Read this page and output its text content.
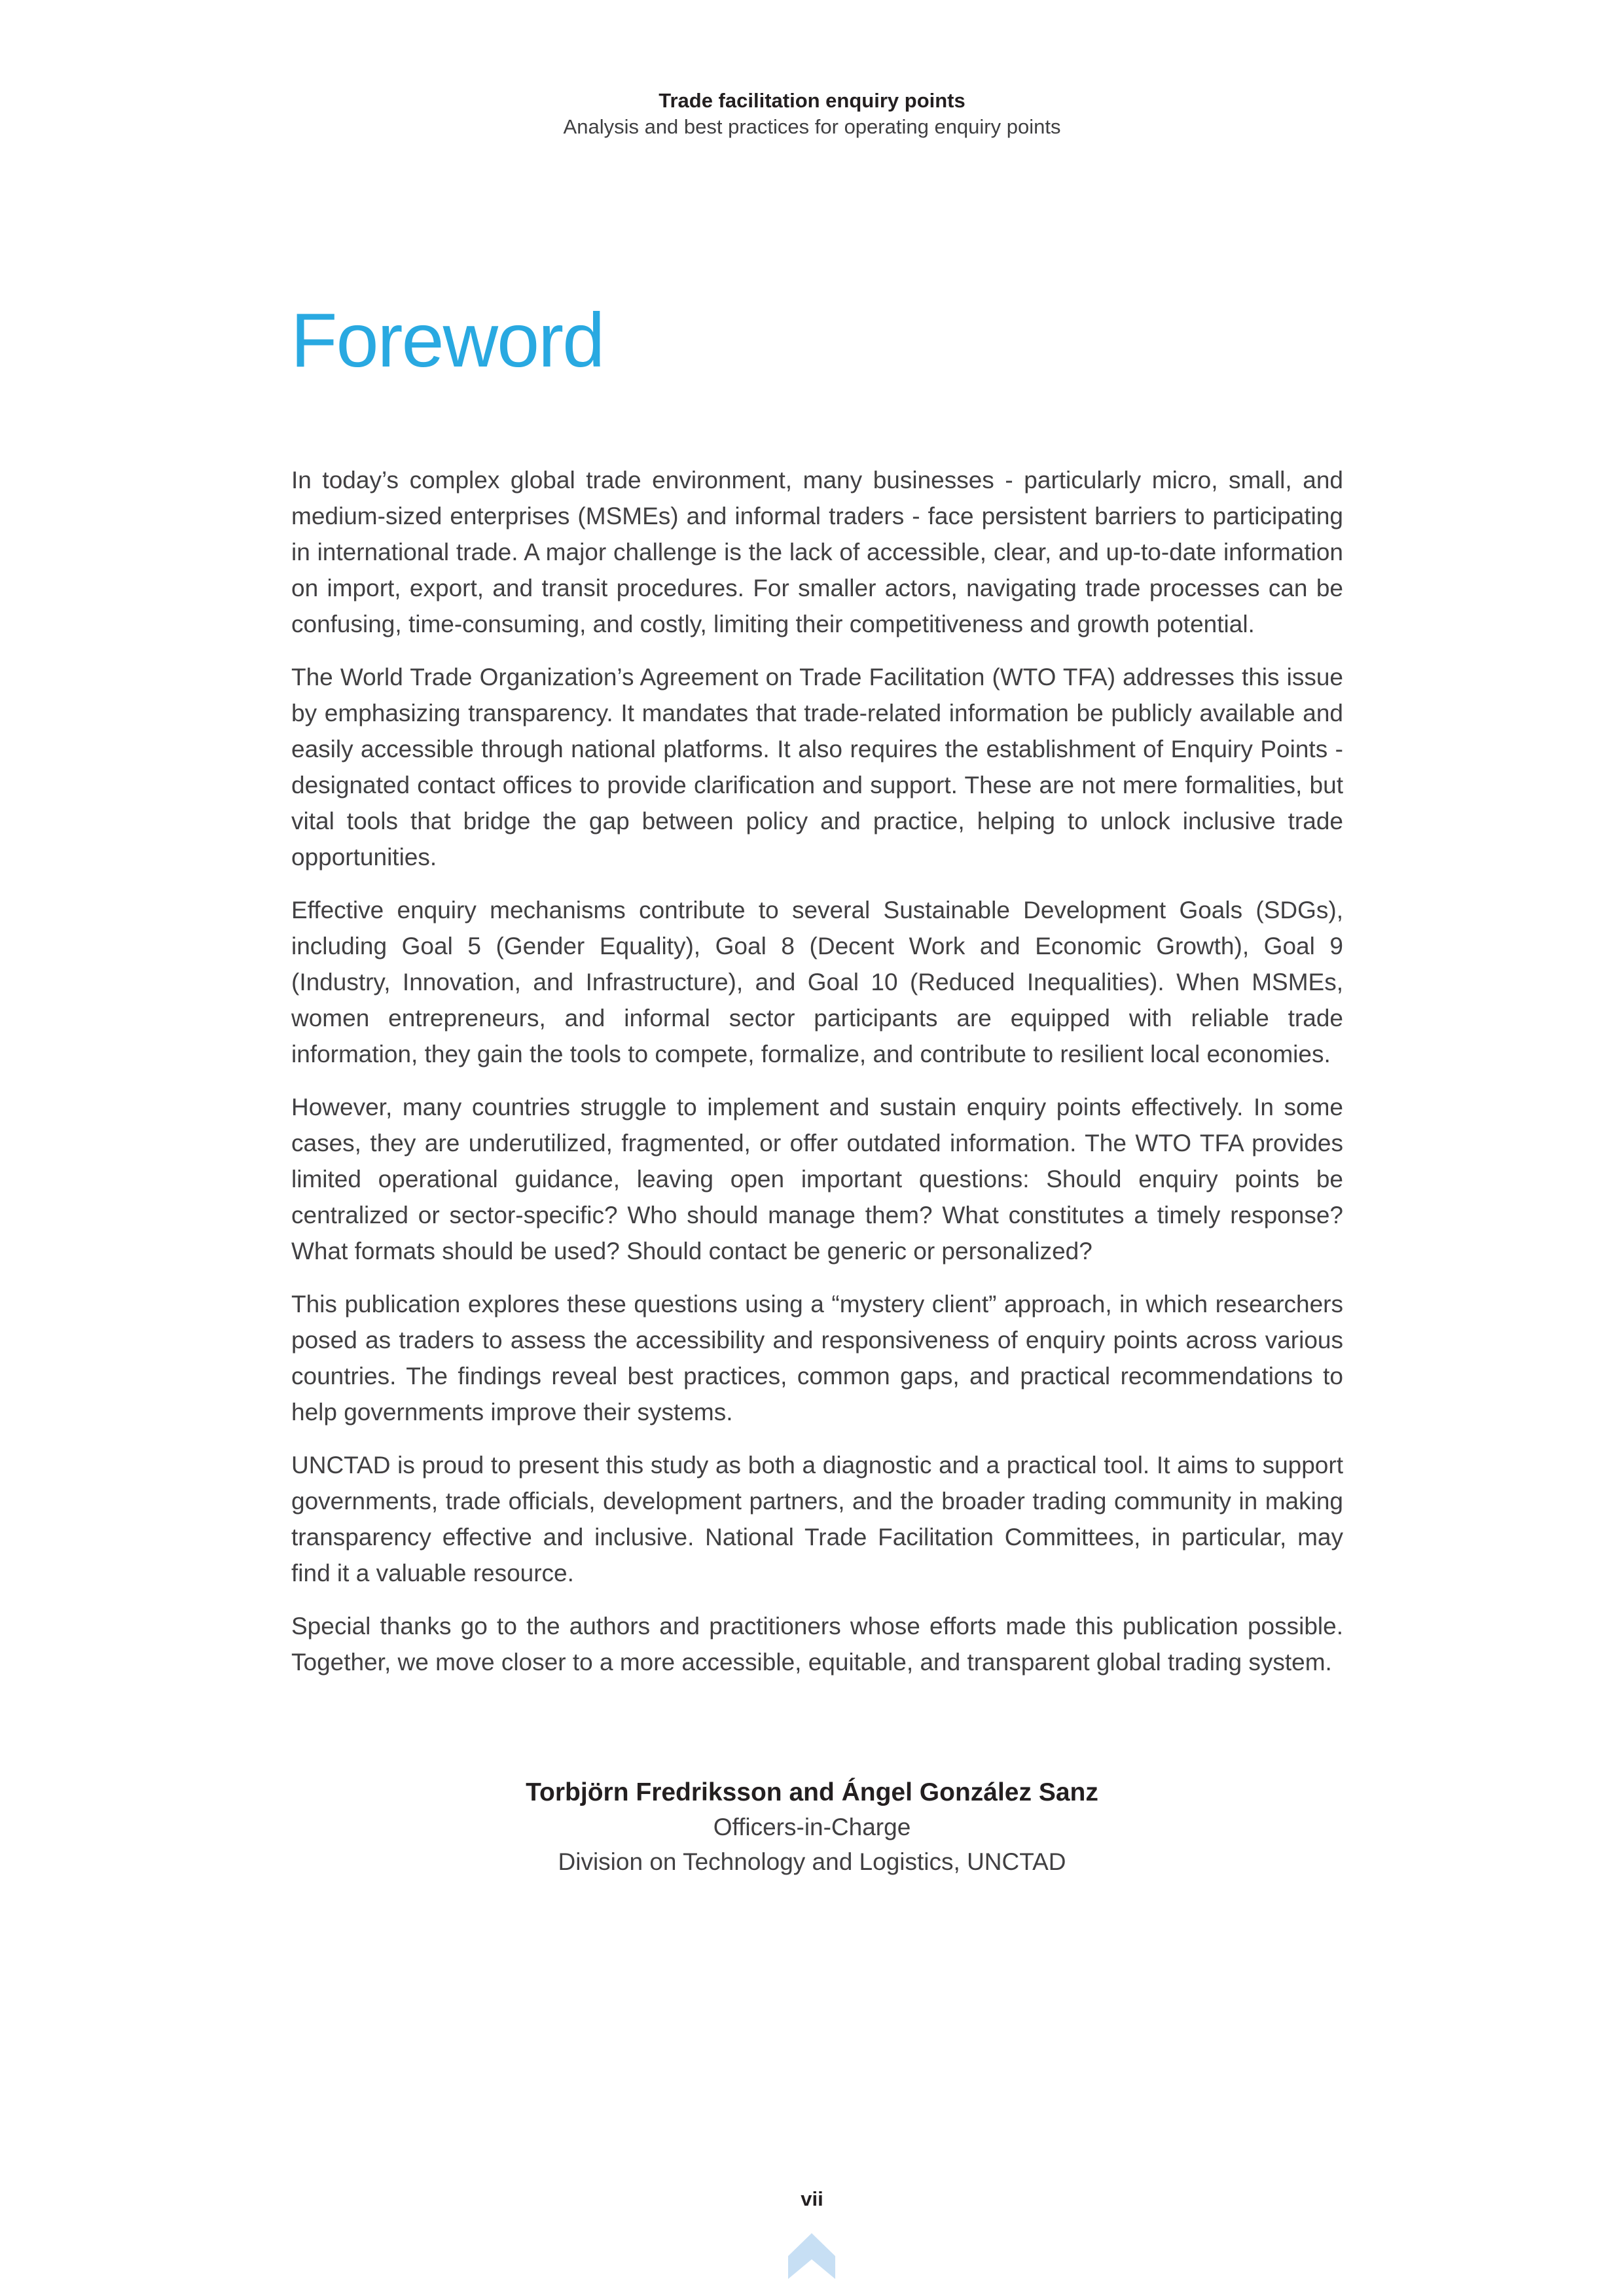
Trade facilitation enquiry points
Analysis and best practices for operating enquiry points
Foreword

In today’s complex global trade environment, many businesses - particularly micro, small, and medium-sized enterprises (MSMEs) and informal traders - face persistent barriers to participating in international trade. A major challenge is the lack of accessible, clear, and up-to-date information on import, export, and transit procedures. For smaller actors, navigating trade processes can be confusing, time-consuming, and costly, limiting their competitiveness and growth potential.

The World Trade Organization’s Agreement on Trade Facilitation (WTO TFA) addresses this issue by emphasizing transparency. It mandates that trade-related information be publicly available and easily accessible through national platforms. It also requires the establishment of Enquiry Points - designated contact offices to provide clarification and support. These are not mere formalities, but vital tools that bridge the gap between policy and practice, helping to unlock inclusive trade opportunities.

Effective enquiry mechanisms contribute to several Sustainable Development Goals (SDGs), including Goal 5 (Gender Equality), Goal 8 (Decent Work and Economic Growth), Goal 9 (Industry, Innovation, and Infrastructure), and Goal 10 (Reduced Inequalities). When MSMEs, women entrepreneurs, and informal sector participants are equipped with reliable trade information, they gain the tools to compete, formalize, and contribute to resilient local economies.

However, many countries struggle to implement and sustain enquiry points effectively. In some cases, they are underutilized, fragmented, or offer outdated information. The WTO TFA provides limited operational guidance, leaving open important questions: Should enquiry points be centralized or sector-specific? Who should manage them? What constitutes a timely response? What formats should be used? Should contact be generic or personalized?

This publication explores these questions using a “mystery client” approach, in which researchers posed as traders to assess the accessibility and responsiveness of enquiry points across various countries. The findings reveal best practices, common gaps, and practical recommendations to help governments improve their systems.

UNCTAD is proud to present this study as both a diagnostic and a practical tool. It aims to support governments, trade officials, development partners, and the broader trading community in making transparency effective and inclusive. National Trade Facilitation Committees, in particular, may find it a valuable resource.

Special thanks go to the authors and practitioners whose efforts made this publication possible. Together, we move closer to a more accessible, equitable, and transparent global trading system.

Torbjörn Fredriksson and Ángel González Sanz
Officers-in-Charge
Division on Technology and Logistics, UNCTAD
vii
